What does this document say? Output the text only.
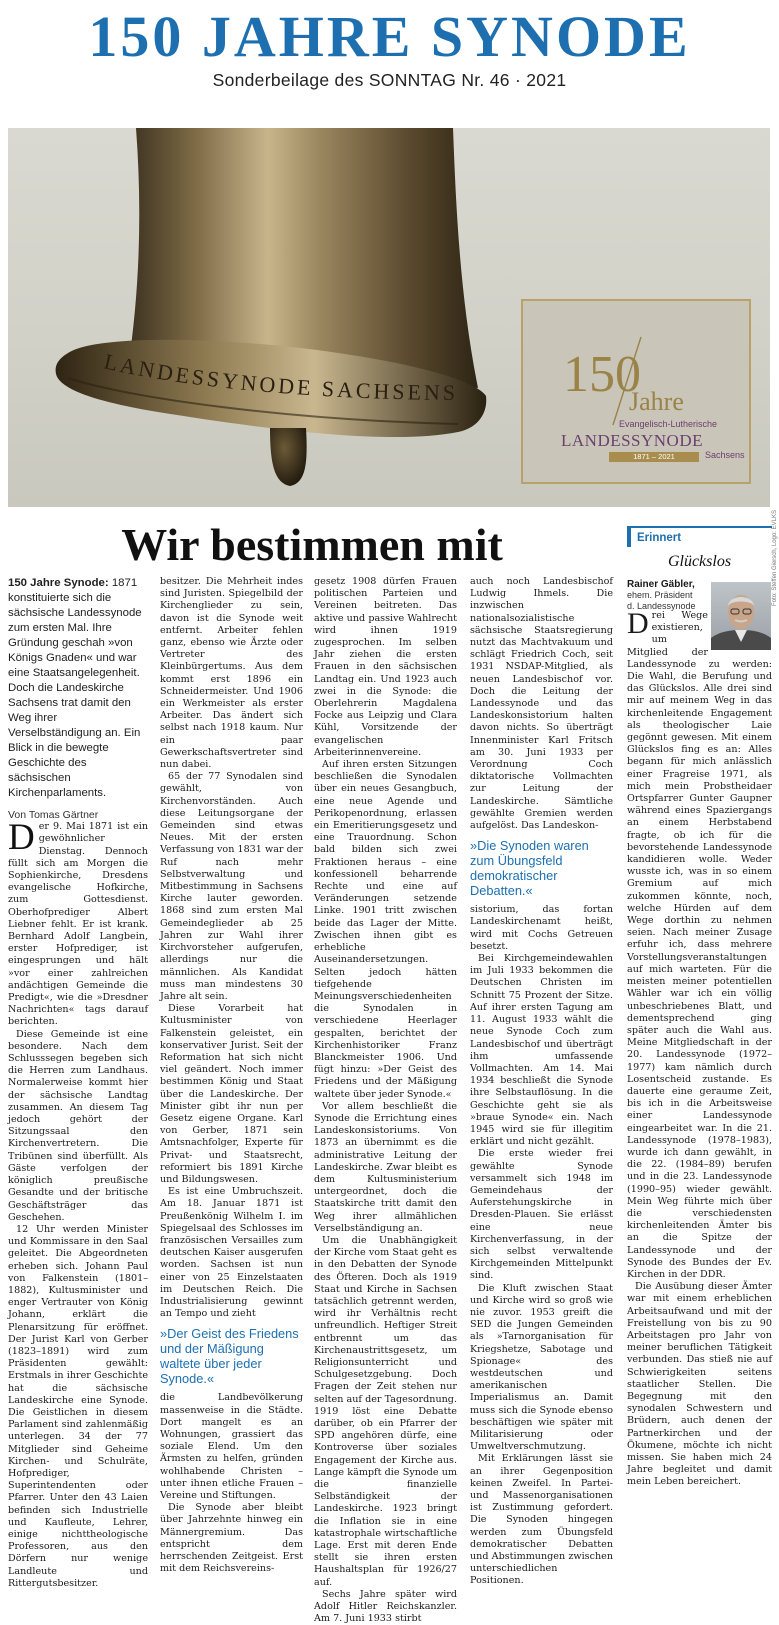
150 JAHRE SYNODE
Sonderbeilage des SONNTAG Nr. 46 · 2021
LANDESSYNODE SACHSENS 150
Jahre
Evangelisch-Lutherische
LANDESSYNODE
1871 – 2021	Sachsens
Foto: Steffen Giersch, Logo: EVLKS
Wir bestimmen mit
150 Jahre Synode: 1871 konstituierte sich die sächsische Landessynode zum ersten Mal. Ihre Gründung geschah »von Königs Gnaden« und war eine Staatsangelegenheit. Doch die Landeskirche Sachsens trat damit den Weg ihrer Verselbständigung an. Ein Blick in die bewegte Geschichte des sächsischen Kirchenparlaments.

Von Tomas Gärtner

Der 9. Mai 1871 ist ein gewöhnlicher Dienstag. Dennoch füllt sich am Morgen die Sophienkirche, Dresdens evangelische Hofkirche, zum Gottesdienst. Oberhofprediger Albert Liebner fehlt. Er ist krank. Bernhard Adolf Langbein, erster Hofprediger, ist eingesprungen und hält »vor einer zahlreichen andächtigen Gemeinde die Predigt«, wie die »Dresdner Nachrichten« tags darauf berichten.

Diese Gemeinde ist eine besondere. Nach dem Schlusssegen begeben sich die Herren zum Landhaus. Normalerweise kommt hier der sächsische Landtag zusammen. An diesem Tag jedoch gehört der Sitzungssaal den Kirchenvertretern. Die Tribünen sind überfüllt. Als Gäste verfolgen der königlich preußische Gesandte und der britische Geschäftsträger das Geschehen.

12 Uhr werden Minister und Kommissare in den Saal geleitet. Die Abgeordneten erheben sich. Johann Paul von Falkenstein (1801–1882), Kultusminister und enger Vertrauter von König Johann, erklärt die Plenarsitzung für eröffnet. Der Jurist Karl von Gerber (1823–1891) wird zum Präsidenten gewählt: Erstmals in ihrer Geschichte hat die sächsische Landeskirche eine Synode. Die Geistlichen in diesem Parlament sind zahlenmäßig unterlegen. 34 der 77 Mitglieder sind Geheime Kirchen- und Schulräte, Hofprediger, Superintendenten oder Pfarrer. Unter den 43 Laien befinden sich Industrielle und Kaufleute, Lehrer, einige nichttheologische Professoren, aus den Dörfern nur wenige Landleute und Rittergutsbesitzer.

besitzer. Die Mehrheit indes sind Juristen. Spiegelbild der Kirchenglieder zu sein, davon ist die Synode weit entfernt. Arbeiter fehlen ganz, ebenso wie Ärzte oder Vertreter des Kleinbürgertums. Aus dem kommt erst 1896 ein Schneidermeister. Und 1906 ein Werkmeister als erster Arbeiter. Das ändert sich selbst nach 1918 kaum. Nur ein paar Gewerkschaftsvertreter sind nun dabei.

65 der 77 Synodalen sind gewählt, von Kirchenvorständen. Auch diese Leitungsorgane der Gemeinden sind etwas Neues. Mit der ersten Verfassung von 1831 war der Ruf nach mehr Selbstverwaltung und Mitbestimmung in Sachsens Kirche lauter geworden. 1868 sind zum ersten Mal Gemeindeglieder ab 25 Jahren zur Wahl ihrer Kirchvorsteher aufgerufen, allerdings nur die männlichen. Als Kandidat muss man mindestens 30 Jahre alt sein.

Diese Vorarbeit hat Kultusminister von Falkenstein geleistet, ein konservativer Jurist. Seit der Reformation hat sich nicht viel geändert. Noch immer bestimmen König und Staat über die Landeskirche. Der Minister gibt ihr nun per Gesetz eigene Organe. Karl von Gerber, 1871 sein Amtsnachfolger, Experte für Privat- und Staatsrecht, reformiert bis 1891 Kirche und Bildungswesen.

Es ist eine Umbruchszeit. Am 18. Januar 1871 ist Preußenkönig Wilhelm I. im Spiegelsaal des Schlosses im französischen Versailles zum deutschen Kaiser ausgerufen worden. Sachsen ist nun einer von 25 Einzelstaaten im Deutschen Reich. Die Industrialisierung gewinnt an Tempo und zieht

»Der Geist des Friedens und der Mäßigung waltete über jeder Synode.«

die Landbevölkerung massenweise in die Städte. Dort mangelt es an Wohnungen, grassiert das soziale Elend. Um den Ärmsten zu helfen, gründen wohlhabende Christen – unter ihnen etliche Frauen – Vereine und Stiftungen.

Die Synode aber bleibt über Jahrzehnte hinweg ein Männergremium. Das entspricht dem herrschenden Zeitgeist. Erst mit dem Reichsvereins-

gesetz 1908 dürfen Frauen politischen Parteien und Vereinen beitreten. Das aktive und passive Wahlrecht wird ihnen 1919 zugesprochen. Im selben Jahr ziehen die ersten Frauen in den sächsischen Landtag ein. Und 1923 auch zwei in die Synode: die Oberlehrerin Magdalena Focke aus Leipzig und Clara Kühl, Vorsitzende der evangelischen Arbeiterinnenvereine.

Auf ihren ersten Sitzungen beschließen die Synodalen über ein neues Gesangbuch, eine neue Agende und Perikopenordnung, erlassen ein Emeritierungsgesetz und eine Trauordnung. Schon bald bilden sich zwei Fraktionen heraus – eine konfessionell beharrende Rechte und eine auf Veränderungen setzende Linke. 1901 tritt zwischen beide das Lager der Mitte. Zwischen ihnen gibt es erhebliche Auseinandersetzungen. Selten jedoch hätten tiefgehende Meinungsverschiedenheiten die Synodalen in verschiedene Heerlager gespalten, berichtet der Kirchenhistoriker Franz Blanckmeister 1906. Und fügt hinzu: »Der Geist des Friedens und der Mäßigung waltete über jeder Synode.«

Vor allem beschließt die Synode die Errichtung eines Landeskonsistoriums. Von 1873 an übernimmt es die administrative Leitung der Landeskirche. Zwar bleibt es dem Kultusministerium untergeordnet, doch die Staatskirche tritt damit den Weg ihrer allmählichen Verselbständigung an.

Um die Unabhängigkeit der Kirche vom Staat geht es in den Debatten der Synode des Öfteren. Doch als 1919 Staat und Kirche in Sachsen tatsächlich getrennt werden, wird ihr Verhältnis recht unfreundlich. Heftiger Streit entbrennt um das Kirchenaustrittsgesetz, um Religionsunterricht und Schulgesetzgebung. Doch Fragen der Zeit stehen nur selten auf der Tagesordnung. 1919 löst eine Debatte darüber, ob ein Pfarrer der SPD angehören dürfe, eine Kontroverse über soziales Engagement der Kirche aus. Lange kämpft die Synode um die finanzielle Selbständigkeit der Landeskirche. 1923 bringt die Inflation sie in eine katastrophale wirtschaftliche Lage. Erst mit deren Ende stellt sie ihren ersten Haushaltsplan für 1926/27 auf.

Sechs Jahre später wird Adolf Hitler Reichskanzler. Am 7. Juni 1933 stirbt

auch noch Landesbischof Ludwig Ihmels. Die inzwischen nationalsozialistische sächsische Staatsregierung nutzt das Machtvakuum und schlägt Friedrich Coch, seit 1931 NSDAP-Mitglied, als neuen Landesbischof vor. Doch die Leitung der Landessynode und das Landeskonsistorium halten davon nichts. So überträgt Innenminister Karl Fritsch am 30. Juni 1933 per Verordnung Coch diktatorische Vollmachten zur Leitung der Landeskirche. Sämtliche gewählte Gremien werden aufgelöst. Das Landeskon-

»Die Synoden waren zum Übungsfeld demokratischer Debatten.«

sistorium, das fortan Landeskirchenamt heißt, wird mit Cochs Getreuen besetzt.

Bei Kirchgemeindewahlen im Juli 1933 bekommen die Deutschen Christen im Schnitt 75 Prozent der Sitze. Auf ihrer ersten Tagung am 11. August 1933 wählt die neue Synode Coch zum Landesbischof und überträgt ihm umfassende Vollmachten. Am 14. Mai 1934 beschließt die Synode ihre Selbstauflösung. In die Geschichte geht sie als »braue Synode« ein. Nach 1945 wird sie für illegitim erklärt und nicht gezählt.

Die erste wieder frei gewählte Synode versammelt sich 1948 im Gemeindehaus der Auferstehungskirche in Dresden-Plauen. Sie erlässt eine neue Kirchenverfassung, in der sich selbst verwaltende Kirchgemeinden Mittelpunkt sind.

Die Kluft zwischen Staat und Kirche wird so groß wie nie zuvor. 1953 greift die SED die Jungen Gemeinden als »Tarnorganisation für Kriegshetze, Sabotage und Spionage« des westdeutschen und amerikanischen Imperialismus an. Damit muss sich die Synode ebenso beschäftigen wie später mit Militarisierung oder Umweltverschmutzung.

Mit Erklärungen lässt sie an ihrer Gegenposition keinen Zweifel. In Partei- und Massenorganisationen ist Zustimmung gefordert. Die Synoden hingegen werden zum Übungsfeld demokratischer Debatten und Abstimmungen zwischen unterschiedlichen Positionen.

Erinnert
Glückslos

Rainer Gäbler,

ehem. Präsident

d. Landessynode

Drei Wege existieren, um Mitglied der Landessynode zu werden: Die Wahl, die Berufung und das Glückslos. Alle drei sind mir auf meinem Weg in das kirchenleitende Engagement als theologischer Laie gegönnt gewesen. Mit einem Glückslos fing es an: Alles begann für mich anlässlich einer Fragreise 1971, als mich mein Probstheidaer Ortspfarrer Gunter Gaupner während eines Spaziergangs an einem Herbstabend fragte, ob ich für die bevorstehende Landessynode kandidieren wolle. Weder wusste ich, was in so einem Gremium auf mich zukommen könnte, noch, welche Hürden auf dem Wege dorthin zu nehmen seien. Nach meiner Zusage erfuhr ich, dass mehrere Vorstellungsveranstaltungen auf mich warteten. Für die meisten meiner potentiellen Wähler war ich ein völlig unbeschriebenes Blatt, und dementsprechend ging später auch die Wahl aus. Meine Mitgliedschaft in der 20. Landessynode (1972–1977) kam nämlich durch Losentscheid zustande. Es dauerte eine geraume Zeit, bis ich in die Arbeitsweise einer Landessynode eingearbeitet war. In die 21. Landessynode (1978–1983), wurde ich dann gewählt, in die 22. (1984–89) berufen und in die 23. Landessynode (1990–95) wieder gewählt. Mein Weg führte mich über die verschiedensten kirchenleitenden Ämter bis an die Spitze der Landessynode und der Synode des Bundes der Ev. Kirchen in der DDR.

Die Ausübung dieser Ämter war mit einem erheblichen Arbeitsaufwand und mit der Freistellung von bis zu 90 Arbeitstagen pro Jahr von meiner beruflichen Tätigkeit verbunden. Das stieß nie auf Schwierigkeiten seitens staatlicher Stellen. Die Begegnung mit den synodalen Schwestern und Brüdern, auch denen der Partnerkirchen und der Ökumene, möchte ich nicht missen. Sie haben mich 24 Jahre begleitet und damit mein Leben bereichert.
